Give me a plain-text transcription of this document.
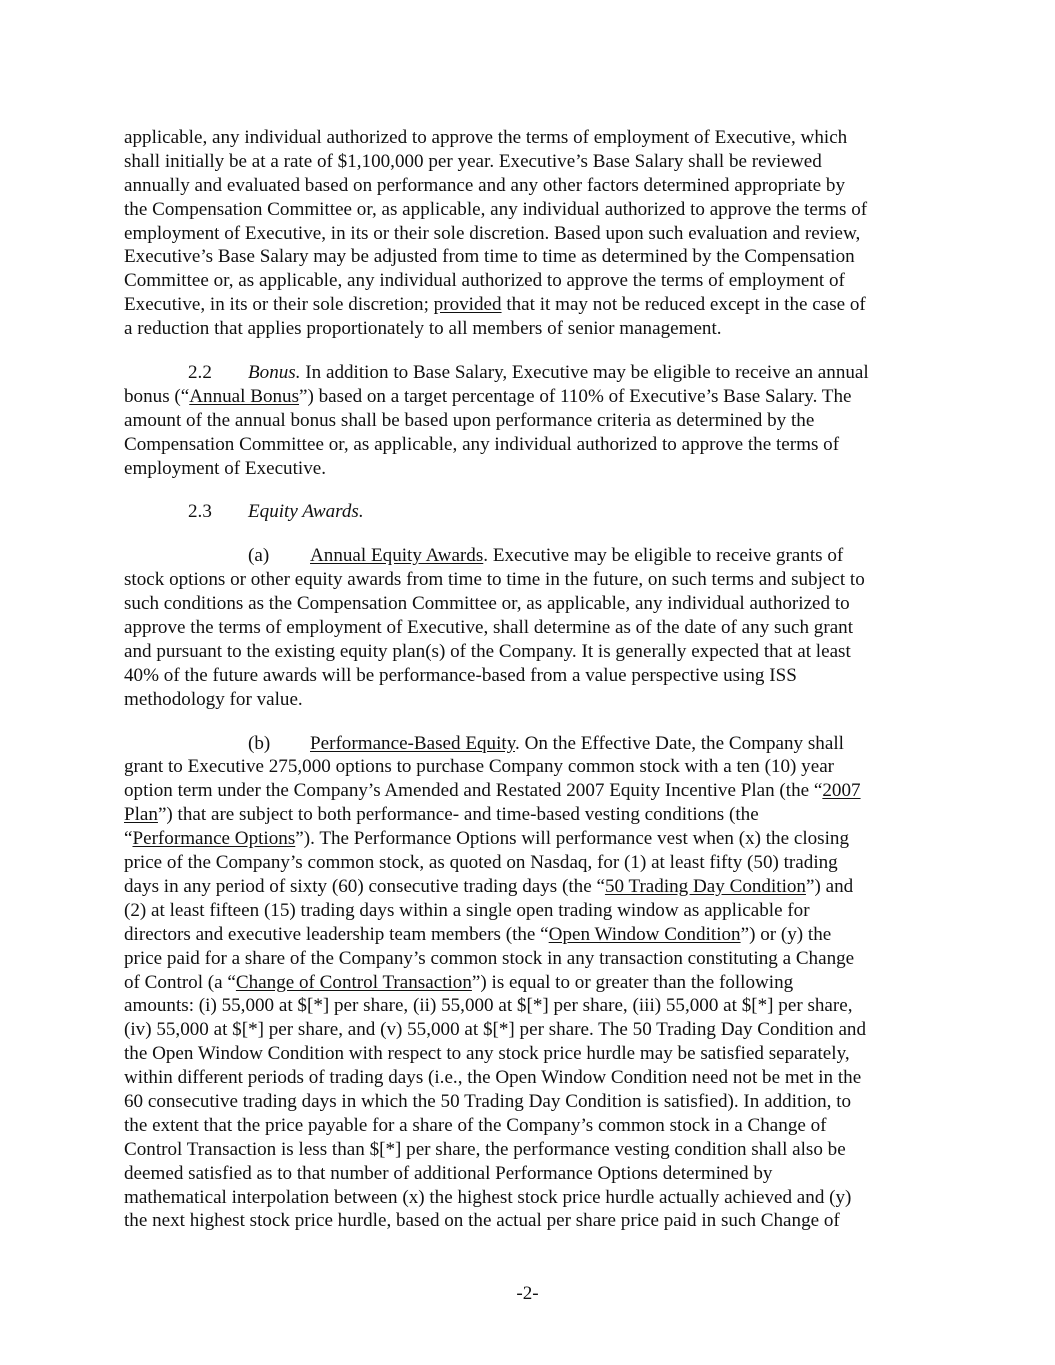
applicable, any individual authorized to approve the terms of employment of Executive, which
shall initially be at a rate of $1,100,000 per year. Executive’s Base Salary shall be reviewed
annually and evaluated based on performance and any other factors determined appropriate by
the Compensation Committee or, as applicable, any individual authorized to approve the terms of
employment of Executive, in its or their sole discretion. Based upon such evaluation and review,
Executive’s Base Salary may be adjusted from time to time as determined by the Compensation
Committee or, as applicable, any individual authorized to approve the terms of employment of
Executive, in its or their sole discretion; provided that it may not be reduced except in the case of
a reduction that applies proportionately to all members of senior management.
2.2 Bonus. In addition to Base Salary, Executive may be eligible to receive an annual
bonus (“Annual Bonus”) based on a target percentage of 110% of Executive’s Base Salary. The
amount of the annual bonus shall be based upon performance criteria as determined by the
Compensation Committee or, as applicable, any individual authorized to approve the terms of
employment of Executive.
2.3 Equity Awards.
(a) Annual Equity Awards. Executive may be eligible to receive grants of
stock options or other equity awards from time to time in the future, on such terms and subject to
such conditions as the Compensation Committee or, as applicable, any individual authorized to
approve the terms of employment of Executive, shall determine as of the date of any such grant
and pursuant to the existing equity plan(s) of the Company. It is generally expected that at least
40% of the future awards will be performance-based from a value perspective using ISS
methodology for value.
(b) Performance-Based Equity. On the Effective Date, the Company shall
grant to Executive 275,000 options to purchase Company common stock with a ten (10) year
option term under the Company’s Amended and Restated 2007 Equity Incentive Plan (the “2007
Plan”) that are subject to both performance- and time-based vesting conditions (the
“Performance Options”). The Performance Options will performance vest when (x) the closing
price of the Company’s common stock, as quoted on Nasdaq, for (1) at least fifty (50) trading
days in any period of sixty (60) consecutive trading days (the “50 Trading Day Condition”) and
(2) at least fifteen (15) trading days within a single open trading window as applicable for
directors and executive leadership team members (the “Open Window Condition”) or (y) the
price paid for a share of the Company’s common stock in any transaction constituting a Change
of Control (a “Change of Control Transaction”) is equal to or greater than the following
amounts: (i) 55,000 at $[*] per share, (ii) 55,000 at $[*] per share, (iii) 55,000 at $[*] per share,
(iv) 55,000 at $[*] per share, and (v) 55,000 at $[*] per share. The 50 Trading Day Condition and
the Open Window Condition with respect to any stock price hurdle may be satisfied separately,
within different periods of trading days (i.e., the Open Window Condition need not be met in the
60 consecutive trading days in which the 50 Trading Day Condition is satisfied). In addition, to
the extent that the price payable for a share of the Company’s common stock in a Change of
Control Transaction is less than $[*] per share, the performance vesting condition shall also be
deemed satisfied as to that number of additional Performance Options determined by
mathematical interpolation between (x) the highest stock price hurdle actually achieved and (y)
the next highest stock price hurdle, based on the actual per share price paid in such Change of
-2-
